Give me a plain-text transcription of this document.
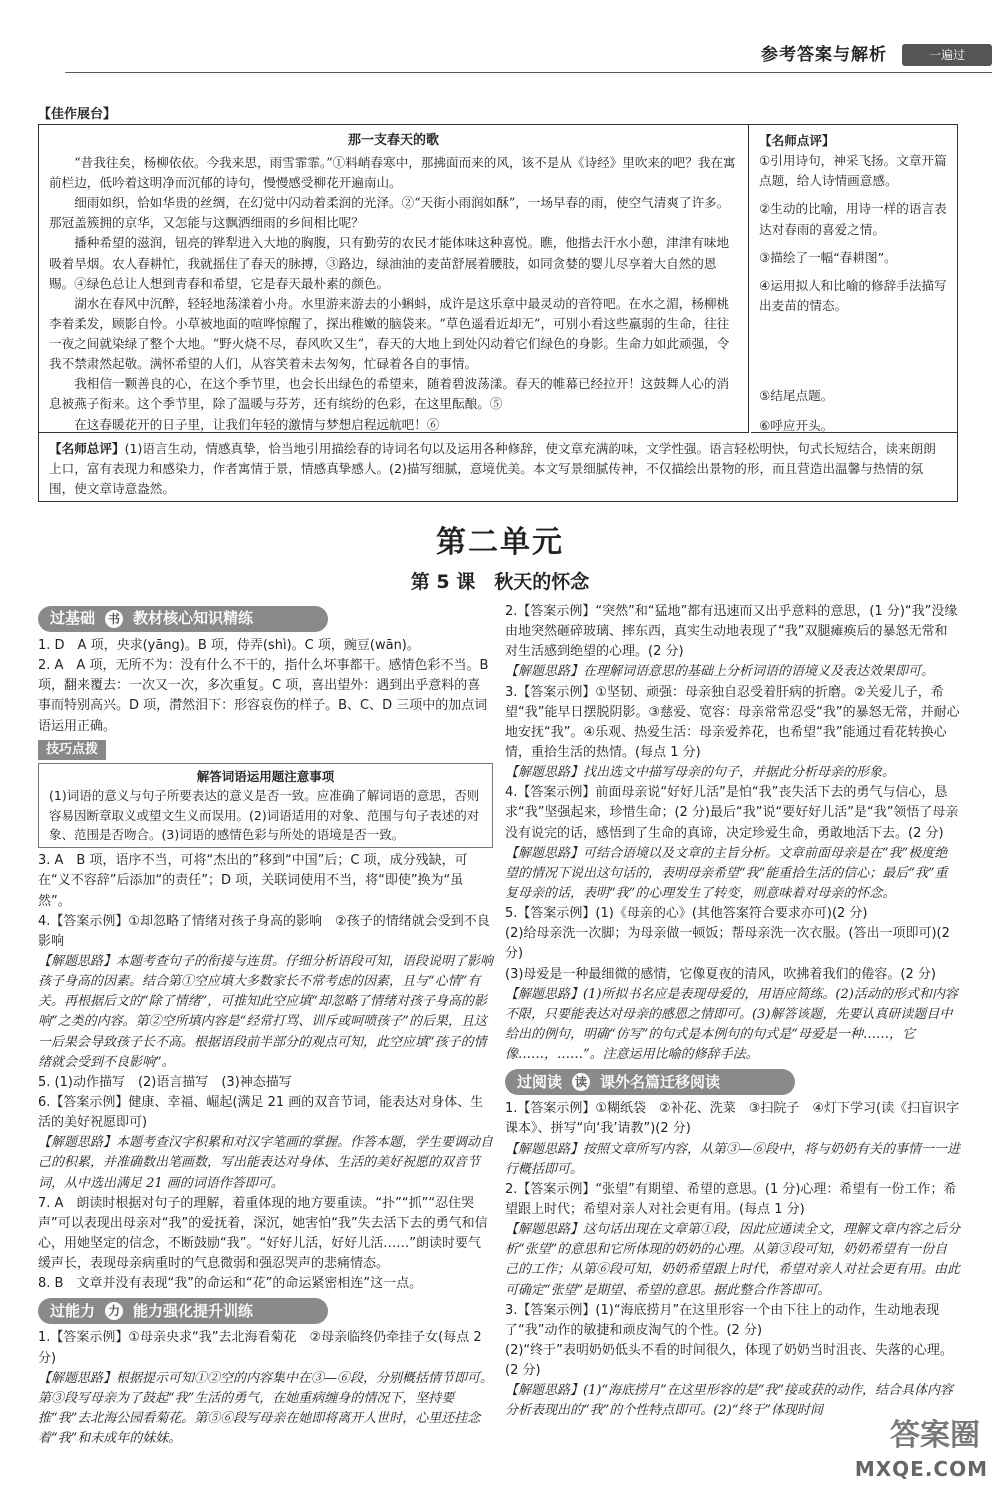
参考答案与解析	一遍过
【佳作展台】
那一支春天的歌

“昔我往矣，杨柳依依。今我来思，雨雪霏霏。”①料峭春寒中，那拂面而来的风，该不是从《诗经》里吹来的吧？我在寓前栏边，低吟着这明净而沉郁的诗句，慢慢感受柳花开遍南山。

细雨如织，恰如华贵的丝绸，在幻觉中闪动着柔润的光泽。②“天街小雨润如酥”，一场早春的雨，使空气清爽了许多。那冠盖簇拥的京华，又怎能与这飘洒细雨的乡间相比呢？

播种希望的滋润，钮亮的铧犁进入大地的胸腹，只有勤劳的农民才能体味这种喜悦。瞧，他揩去汗水小憩，津津有味地吸着旱烟。农人春耕忙，我就摇住了春天的脉搏，③路边，绿油油的麦苗舒展着腰肢，如同贪婪的婴儿尽享着大自然的恩赐。④绿色总让人想到青春和希望，它是春天最朴素的颜色。

湖水在春风中沉醉，轻轻地荡漾着小舟。水里游来游去的小蝌蚪，成许是这乐章中最灵动的音符吧。在水之湄，杨柳桃李着柔发，顾影自怜。小草被地面的喧哗惊醒了，探出稚嫩的脑袋来。“草色遥看近却无”，可别小看这些羸弱的生命，往往一夜之间就染绿了整个大地。“野火烧不尽，春风吹又生”，春天的大地上到处闪动着它们绿色的身影。生命力如此顽强，令我不禁肃然起敬。满怀希望的人们，从容笑着未去匆匆，忙碌着各自的事情。

我相信一颗善良的心，在这个季节里，也会长出绿色的希望来，随着碧波荡漾。春天的帷幕已经拉开！这鼓舞人心的消息被燕子衔来。这个季节里，除了温暖与芬芳，还有缤纷的色彩，在这里酝酿。⑤

在这春暖花开的日子里，让我们年轻的激情与梦想启程远航吧！⑥

【名师点评】
①引用诗句，神采飞扬。文章开篇点题，给人诗情画意感。
②生动的比喻，用诗一样的语言表达对春雨的喜爱之情。
③描绘了一幅“春耕图”。
④运用拟人和比喻的修辞手法描写出麦苗的情态。
⑤结尾点题。
⑥呼应开头。
【名师总评】(1)语言生动，情感真挚，恰当地引用描绘春的诗词名句以及运用各种修辞，使文章充满韵味，文学性强。语言轻松明快，句式长短结合，读来朗朗上口，富有表现力和感染力，作者寓情于景，情感真挚感人。(2)描写细腻，意境优美。本文写景细腻传神，不仅描绘出景物的形，而且营造出温馨与热情的氛围，使文章诗意盎然。
第二单元
第 5 课　秋天的怀念
过基础 书 教材核心知识精练
1. D　A 项，央求(yāng)。B 项，侍弄(shì)。C 项，豌豆(wān)。
2. A　A 项，无所不为：没有什么不干的，指什么坏事都干。感情色彩不当。B 项，翻来覆去：一次又一次，多次重复。C 项，喜出望外：遇到出乎意料的喜事而特别高兴。D 项，潸然泪下：形容哀伤的样子。B、C、D 三项中的加点词语运用正确。
技巧点拨
解答词语运用题注意事项
(1)词语的意义与句子所要表达的意义是否一致。应准确了解词语的意思，否则容易因断章取义或望文生义而误用。(2)词语适用的对象、范围与句子表述的对象、范围是否吻合。(3)词语的感情色彩与所处的语境是否一致。
3. A　B 项，语序不当，可将“杰出的”移到“中国”后；C 项，成分残缺，可在“义不容辞”后添加“的责任”；D 项，关联词使用不当，将“即使”换为“虽然”。
4.【答案示例】①却忽略了情绪对孩子身高的影响　②孩子的情绪就会受到不良影响
【解题思路】本题考查句子的衔接与连贯。仔细分析语段可知，语段说明了影响孩子身高的因素。结合第①空应填大多数家长不常考虑的因素，且与“心情”有关。再根据后文的“除了情绪”，可推知此空应填“却忽略了情绪对孩子身高的影响”之类的内容。第②空所填内容是“经常打骂、训斥或呵喷孩子”的后果，且这一后果会导致孩子长不高。根据语段前半部分的观点可知，此空应填“孩子的情绪就会受到不良影响”。
5. (1)动作描写　(2)语言描写　(3)神态描写
6.【答案示例】健康、幸福、崛起(满足 21 画的双音节词，能表达对身体、生活的美好祝愿即可)
【解题思路】本题考查汉字积累和对汉字笔画的掌握。作答本题，学生要调动自己的积累，并准确数出笔画数，写出能表达对身体、生活的美好祝愿的双音节词，从中选出满足 21 画的词语作答即可。
7. A　朗读时根据对句子的理解，着重体现的地方要重读。“扑”“抓”“忍住哭声”可以表现出母亲对“我”的爱抚着，深沉，她害怕“我”失去活下去的勇气和信心，用她坚定的信念，不断鼓励“我”。“好好儿活，好好儿活……”朗读时要气缓声长，表现母亲病重时的气息微弱和强忍哭声的悲痛情态。
8. B　文章并没有表现“我”的命运和“花”的命运紧密相连”这一点。
过能力 力 能力强化提升训练
1.【答案示例】①母亲央求“我”去北海看菊花　②母亲临终仍牵挂子女(每点 2 分)
【解题思路】根据提示可知①②空的内容集中在③—⑥段，分别概括情节即可。第③段写母亲为了鼓起“我”生活的勇气，在她重病缠身的情况下，坚持要推“我”去北海公园看菊花。第⑤⑥段写母亲在她即将离开人世时，心里还挂念着“我”和未成年的妹妹。
2.【答案示例】“突然”和“猛地”都有迅速而又出乎意料的意思，(1 分)“我”没缘由地突然砸碎玻璃、摔东西，真实生动地表现了“我”双腿瘫痪后的暴怒无常和对生活感到绝望的心理。(2 分)
【解题思路】在理解词语意思的基础上分析词语的语境义及表达效果即可。
3.【答案示例】①坚韧、顽强：母亲独自忍受着肝病的折磨。②关爱儿子，希望“我”能早日摆脱阴影。③慈爱、宽容：母亲常常忍受“我”的暴怒无常，并耐心地安抚“我”。④乐观、热爱生活：母亲爱养花，也希望“我”能通过看花转换心情，重拾生活的热情。(每点 1 分)
【解题思路】找出选文中描写母亲的句子，并据此分析母亲的形象。
4.【答案示例】前面母亲说“好好儿活”是怕“我”丧失活下去的勇气与信心，恳求“我”坚强起来，珍惜生命；(2 分)最后“我”说“要好好儿活”是“我”领悟了母亲没有说完的话，感悟到了生命的真谛，决定珍爱生命，勇敢地活下去。(2 分)
【解题思路】可结合语境以及文章的主旨分析。文章前面母亲是在“我”极度绝望的情况下说出这句话的，表明母亲希望“我”能重拾生活的信心；最后“我”重复母亲的话，表明“我”的心理发生了转变，则意味着对母亲的怀念。
5.【答案示例】(1)《母亲的心》(其他答案符合要求亦可)(2 分)
(2)给母亲洗一次脚；为母亲做一顿饭；帮母亲洗一次衣服。(答出一项即可)(2 分)
(3)母爱是一种最细微的感情，它像夏夜的清风，吹拂着我们的倦容。(2 分)
【解题思路】(1)所拟书名应是表现母爱的，用语应简练。(2)活动的形式和内容不限，只要能表达对母亲的感恩之情即可。(3)解答该题，先要认真研读题目中给出的例句，明确“仿写”的句式是本例句的句式是“母爱是一种……，它像……，……”。注意运用比喻的修辞手法。
过阅读 读 课外名篇迁移阅读
1.【答案示例】①糊纸袋　②补花、洗菜　③扫院子　④灯下学习(读《扫盲识字课本》、拼写“向‘我’请教”)(2 分)
【解题思路】按照文章所写内容，从第③—⑥段中，将与奶奶有关的事情一一进行概括即可。
2.【答案示例】“张望”有期望、希望的意思。(1 分)心理：希望有一份工作；希望跟上时代；希望对亲人对社会更有用。(每点 1 分)
【解题思路】这句话出现在文章第①段，因此应通读全文，理解文章内容之后分析“张望”的意思和它所体现的奶奶的心理。从第③段可知，奶奶希望有一份自己的工作；从第⑥段可知，奶奶希望跟上时代，希望对亲人对社会更有用。由此可确定“张望”是期望、希望的意思。据此整合作答即可。
3.【答案示例】(1)“海底捞月”在这里形容一个由下往上的动作，生动地表现了“我”动作的敏捷和顽皮淘气的个性。(2 分)
(2)“终于”表明奶奶低头不看的时间很久，体现了奶奶当时沮丧、失落的心理。(2 分)
【解题思路】(1)“海底捞月”在这里形容的是“我”接或获的动作，结合具体内容分析表现出的“我”的个性特点即可。(2)“终于”体现时间
答案圈
MXQE.COM
